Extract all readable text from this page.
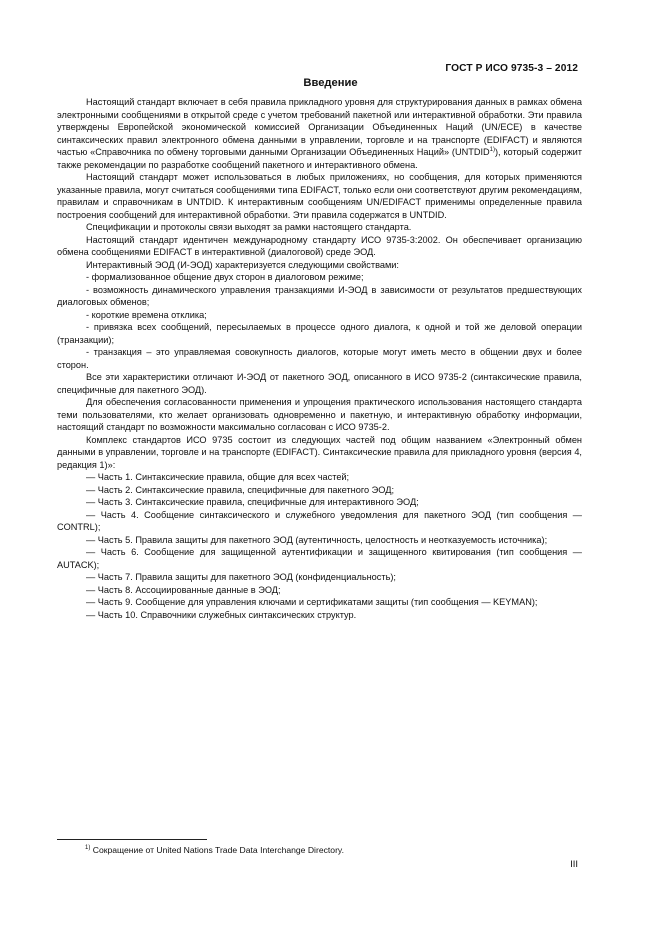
ГОСТ Р ИСО 9735-3 – 2012
Введение

Настоящий стандарт включает в себя правила прикладного уровня для структурирования данных в рамках обмена электронными сообщениями в открытой среде с учетом требований пакетной или интерактивной обработки. Эти правила утверждены Европейской экономической комиссией Организации Объединенных Наций (UN/ECE) в качестве синтаксических правил электронного обмена данными в управлении, торговле и на транспорте (EDIFACT) и являются частью «Справочника по обмену торговыми данными Организации Объединенных Наций» (UNTDID$^{1)}$), который содержит также рекомендации по разработке сообщений пакетного и интерактивного обмена.

Настоящий стандарт может использоваться в любых приложениях, но сообщения, для которых применяются указанные правила, могут считаться сообщениями типа EDIFACT, только если они соответствуют другим рекомендациям, правилам и справочникам в UNTDID. К интерактивным сообщениям UN/EDIFACT применимы определенные правила построения сообщений для интерактивной обработки. Эти правила содержатся в UNTDID.

Спецификации и протоколы связи выходят за рамки настоящего стандарта.

Настоящий стандарт идентичен международному стандарту ИСО 9735-3:2002. Он обеспечивает организацию обмена сообщениями EDIFACT в интерактивной (диалоговой) среде ЭОД.

Интерактивный ЭОД (И-ЭОД) характеризуется следующими свойствами:

- формализованное общение двух сторон в диалоговом режиме;

- возможность динамического управления транзакциями И-ЭОД в зависимости от результатов предшествующих диалоговых обменов;

- короткие времена отклика;

- привязка всех сообщений, пересылаемых в процессе одного диалога, к одной и той же деловой операции (транзакции);

- транзакция – это управляемая совокупность диалогов, которые могут иметь место в общении двух и более сторон.

Все эти характеристики отличают И-ЭОД от пакетного ЭОД, описанного в ИСО 9735-2 (синтаксические правила, специфичные для пакетного ЭОД).

Для обеспечения согласованности применения и упрощения практического использования настоящего стандарта теми пользователями, кто желает организовать одновременно и пакетную, и интерактивную обработку информации, настоящий стандарт по возможности максимально согласован с ИСО 9735-2.

Комплекс стандартов ИСО 9735 состоит из следующих частей под общим названием «Электронный обмен данными в управлении, торговле и на транспорте (EDIFACT). Синтаксические правила для прикладного уровня (версия 4, редакция 1)»:

— Часть 1. Синтаксические правила, общие для всех частей;

— Часть 2. Синтаксические правила, специфичные для пакетного ЭОД;

— Часть 3. Синтаксические правила, специфичные для интерактивного ЭОД;

— Часть 4. Сообщение синтаксического и служебного уведомления для пакетного ЭОД (тип сообщения — CONTRL);

— Часть 5. Правила защиты для пакетного ЭОД (аутентичность, целостность и неотказуемость источника);

— Часть 6. Сообщение для защищенной аутентификации и защищенного квитирования (тип сообщения — AUTACK);

— Часть 7. Правила защиты для пакетного ЭОД (конфиденциальность);

— Часть 8. Ассоциированные данные в ЭОД;

— Часть 9. Сообщение для управления ключами и сертификатами защиты (тип сообщения — KEYMAN);

— Часть 10. Справочники служебных синтаксических структур.

$^{1)}$ Сокращение от United Nations Trade Data Interchange Directory.
III
